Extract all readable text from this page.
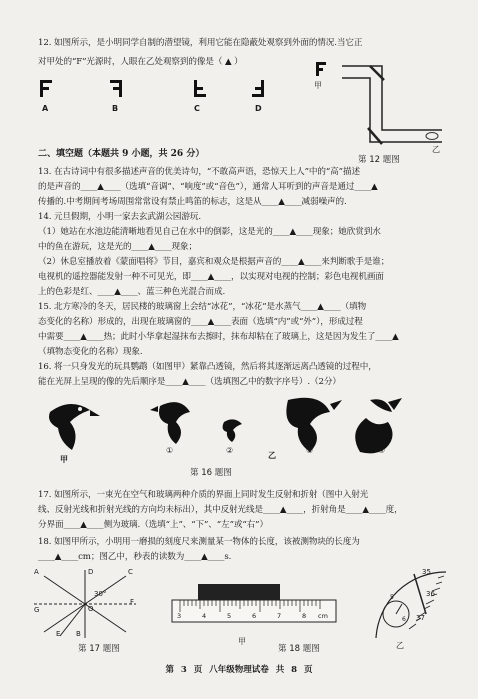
12. 如图所示，是小明同学自制的潜望镜，利用它能在隐蔽处观察到外面的情况.当它正
对甲处的“F”光源时，人眼在乙处观察到的像是（ ▲ ）
A	B	C	D
甲
乙
第 12 题图
二、填空题（本题共 9 小题，共 26 分）
13. 在古诗词中有很多描述声音的优美诗句，“不敢高声语，恐惊天上人”中的“高”描述
的是声音的____▲____（选填“音调”、“响度”或“音色”），通常人耳听到的声音是通过____▲
传播的.中考期间考场周围常常设有禁止鸣笛的标志，这是从____▲____减弱噪声的.
14. 元旦假期，小明一家去玄武湖公园游玩.
（1）她站在水池边能清晰地看见自己在水中的倒影，这是光的____▲____现象；她欣赏到水
中的鱼在游玩，这是光的____▲____现象；
（2）休息室播放着《蒙面唱将》节目，嘉宾和观众是根据声音的____▲____来判断歌手是谁；
电视机的遥控器能发射一种不可见光，即____▲____，以实现对电视的控制；彩色电视机画面
上的色彩是红、____▲____、蓝三种色光混合而成.
15. 北方寒冷的冬天，居民楼的玻璃窗上会结“冰花”，“冰花”是水蒸气____▲____（填物
态变化的名称）形成的，出现在玻璃窗的____▲____表面（选填“内”或“外”），形成过程
中需要____▲____热；此时小华拿起湿抹布去擦时，抹布却粘在了玻璃上，这是因为发生了____▲
（填物态变化的名称）现象.
16. 将一只身发光的玩具鹦鹉（如图甲）紧靠凸透镜，然后将其逐渐远离凸透镜的过程中，
能在光屏上呈现的像的先后顺序是____▲____（选填图乙中的数字序号）.（2分）
甲	乙
①	②	③	④
第 16 题图
17. 如图所示，一束光在空气和玻璃两种介质的界面上同时发生反射和折射（图中入射光
线、反射光线和折射光线的方向均未标出），其中反射光线是____▲____，折射角是____▲____度，
分界面____▲____侧为玻璃.（选填“上”、“下”、“左”或“右”）
18. 如图甲所示，小明用一磨损的刻度尺来测量某一物体的长度，该被测物块的长度为
____▲____cm；图乙中，秒表的读数为____▲____s.
A
B
C
D
E
F
G	O
30°
第 17 题图
3	4	5	6	7	8 cm
甲
第 18 题图
35
5	36
6 37
乙
第 3 页 八年级物理试卷 共 8 页
